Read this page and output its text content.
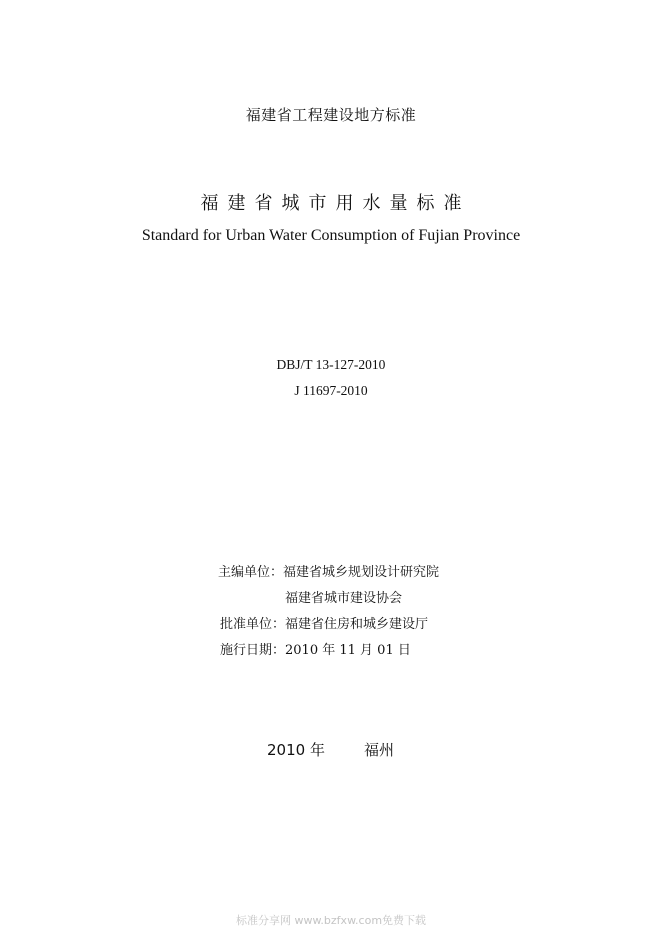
福建省工程建设地方标准
福建省城市用水量标准
Standard for Urban Water Consumption of Fujian Province
DBJ/T 13-127-2010
J 11697-2010
主编单位：福建省城乡规划设计研究院
福建省城市建设协会
批准单位：福建省住房和城乡建设厅
施行日期：2010 年 11 月 01 日
2010 年	福州
标准分享网 www.bzfxw.com免费下载
